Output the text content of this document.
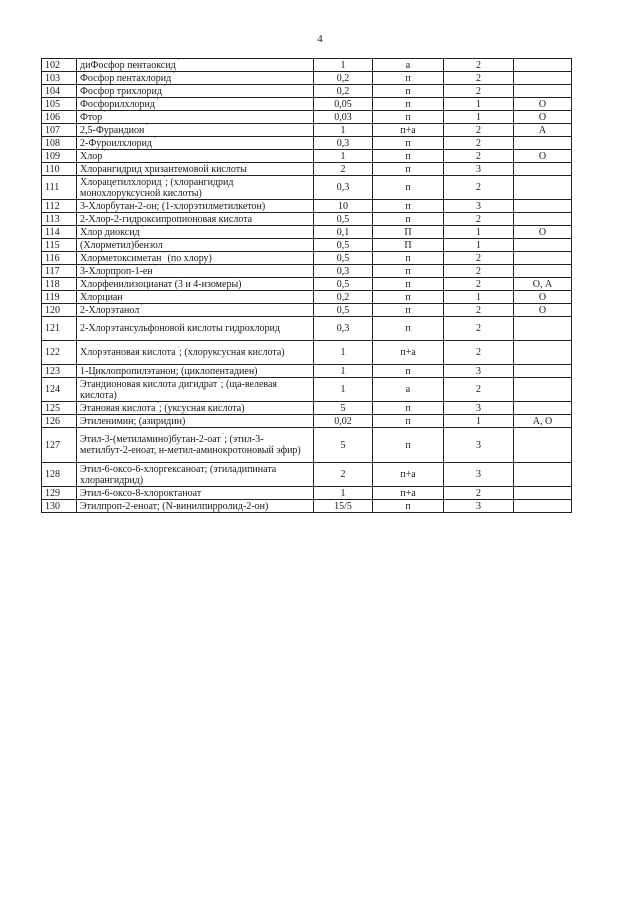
4
102	диФосфор пентаоксид ´	1	а	2	
103	Фосфор пентахлорид ´	0,2	п	2	
104	Фосфор трихлорид ´	0,2	п	2	
105	Фосфорилхлорид ´	0,05	п	1	О
106	Фтор ´	0,03	п	1	О
107	2,5-Фурандион ´	1	п+а	2	А
108	2-Фуроилхлорид ´	0,3	п	2	
109	Хлор ´	1	п	2	О
110	Хлорангидрид хризантемовой кислоты	2	п	3	
111	Хлорацетилхлорид ´; (хлорангидрид монохлоруксусной кислоты)	0,3	п	2	
112	3-Хлорбутан-2-он; (1-хлорэтилметилкетон)	10	п	3	
113	2-Хлор-2-гидроксипропионовая кислота ´	0,5	п	2	
114	Хлор диоксид ´	0,1	П	1	О
115	(Хлорметил)бензол	0,5	П	1	
116	Хлорметоксиметан ´ (по хлору)	0,5	п	2	
117	3-Хлорпроп-1-ен ´	0,3	п	2	
118	Хлорфенилизоцианат (3 и 4-изомеры)	0,5	п	2	О, А
119	Хлорциан	0,2	п	1	О
120	2-Хлорэтанол ´	0,5	п	2	О
121	2-Хлорэтансульфоновой кислоты гидрохлорид	0,3	п	2	
122	Хлорэтановая кислота ´; (хлоруксусная кислота)	1	п+а	2	
123	1-Циклопропилэтанон; (циклопентадиен)	1	п	3	
124	Этандионовая кислота дигидрат ´; (ща-велевая кислота)	1	а	2	
125	Этановая кислота ´; (уксусная кислота)	5	п	3	
126	Этиленимин; (азиридин)	0,02	п	1	А, О
127	Этил-3-(метиламино)бутан-2-оат ´; (этил-3-метилбут-2-еноат, н-метил-аминокротоновый эфир)	5	п	3	
128	Этил-6-оксо-6-хлоргексаноат; (этиладипината хлорангидрид)	2	п+а	3	
129	Этил-6-оксо-8-хлороктаноат	1	п+а	2	
130	Этилпроп-2-еноат; (N-винилпирролид-2-он)	15/5	п	3	
